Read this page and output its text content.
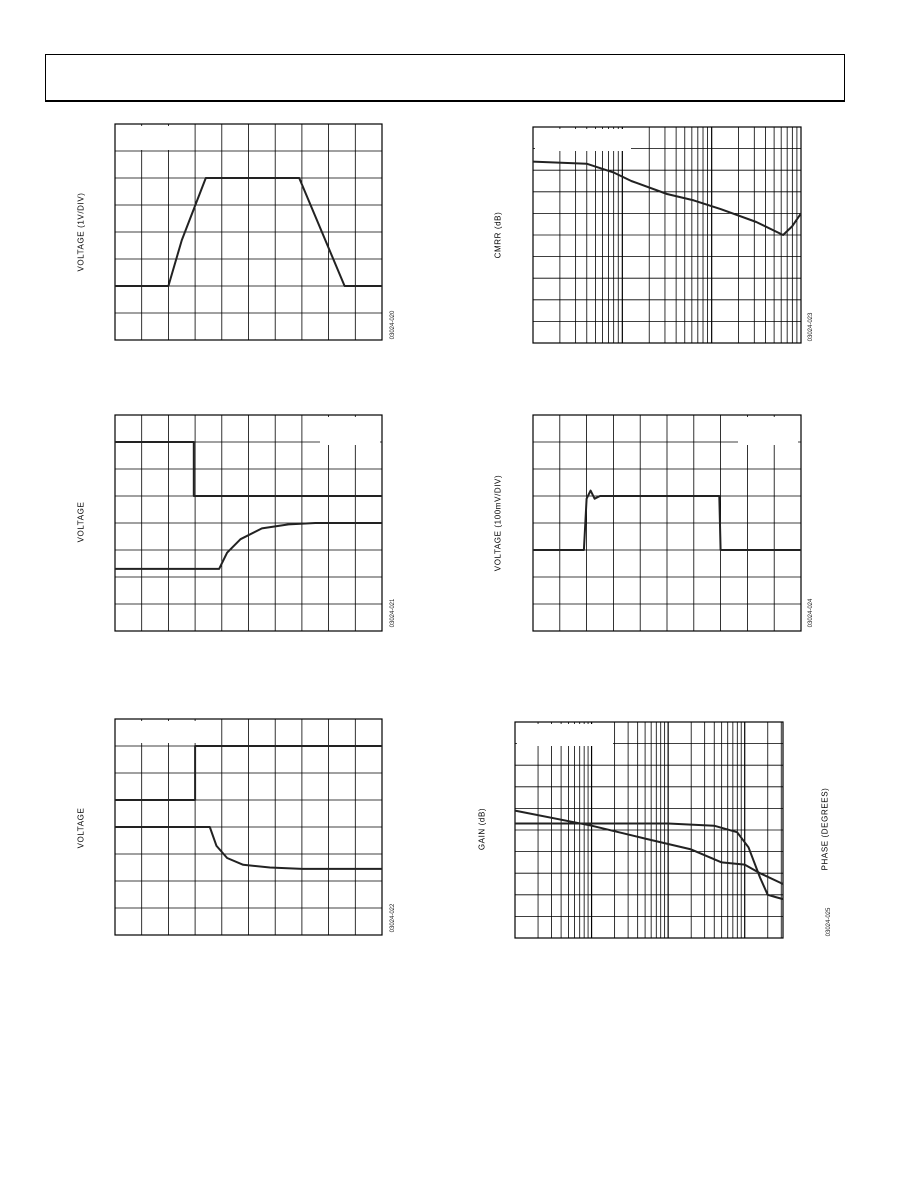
VOLTAGE (1V/DIV)
03024-020
VOLTAGE
03024-021
VOLTAGE
03024-022
CMRR (dB)
03024-023
VOLTAGE (100mV/DIV)
03024-024
GAIN (dB)	PHASE (DEGREES)
03024-025
